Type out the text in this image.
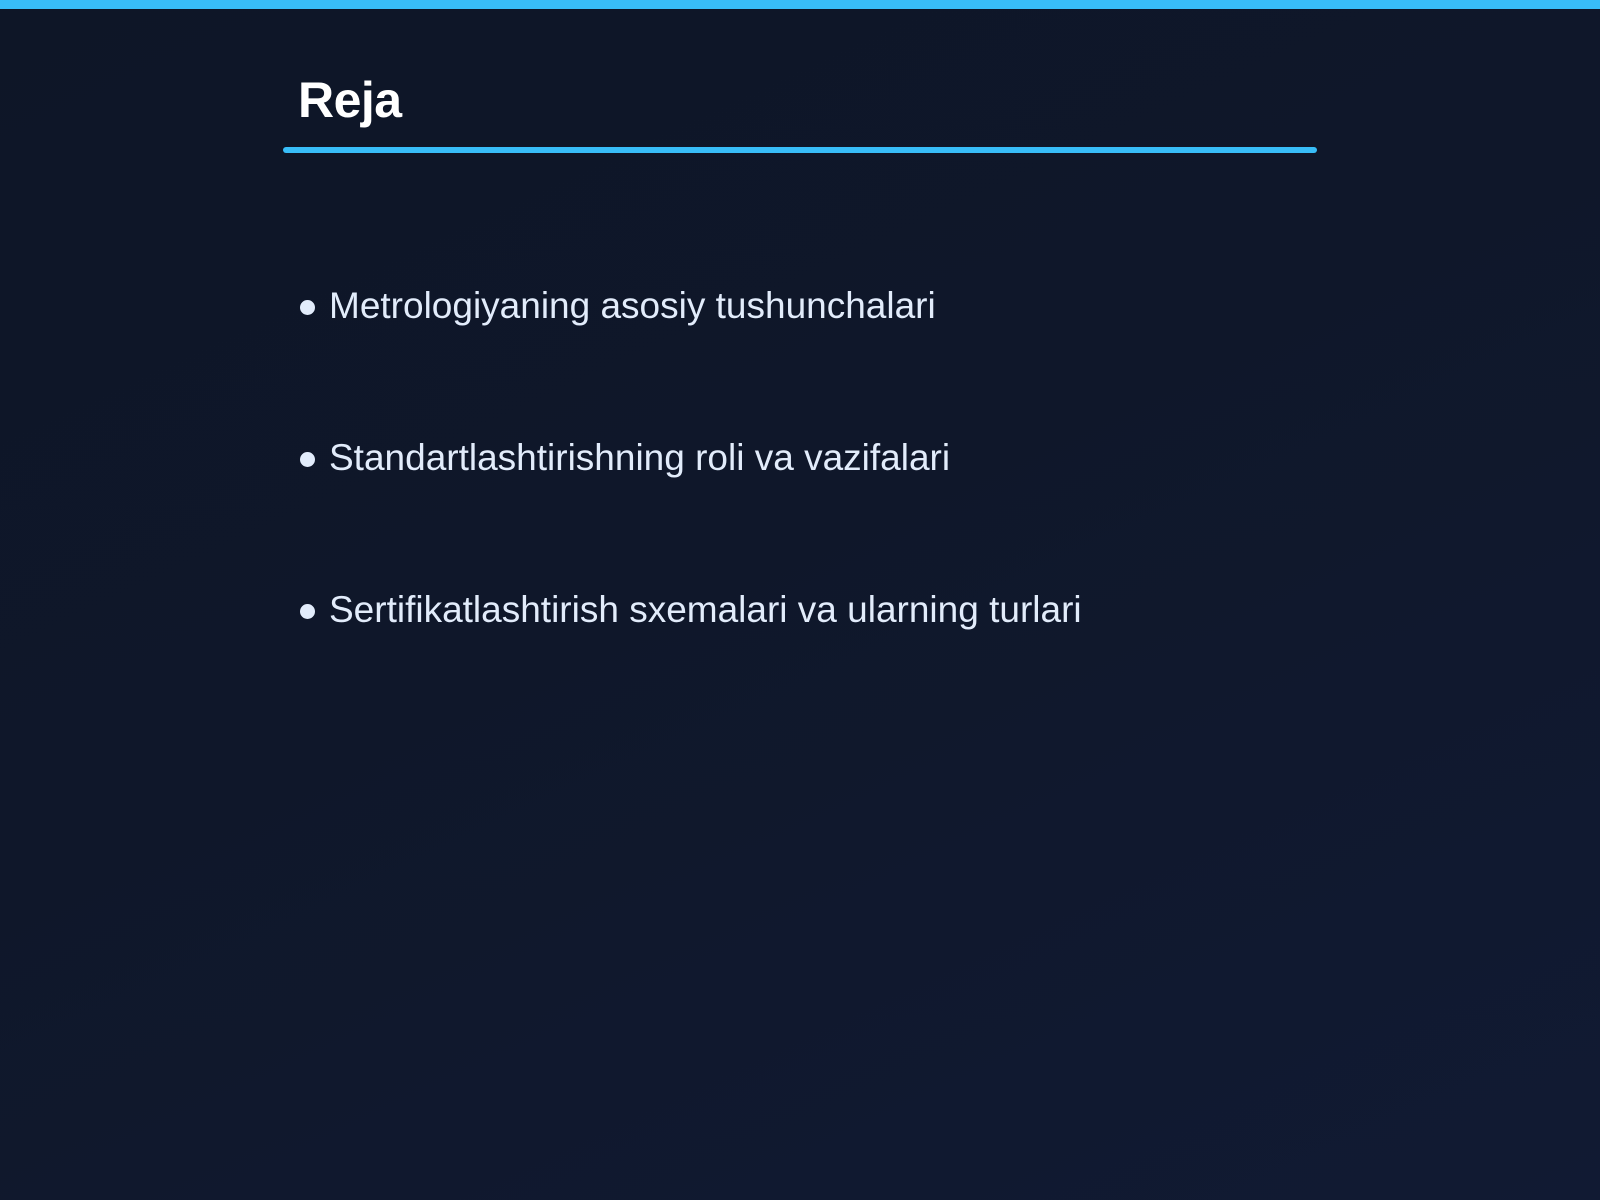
Reja
Metrologiyaning asosiy tushunchalari
Standartlashtirishning roli va vazifalari
Sertifikatlashtirish sxemalari va ularning turlari
